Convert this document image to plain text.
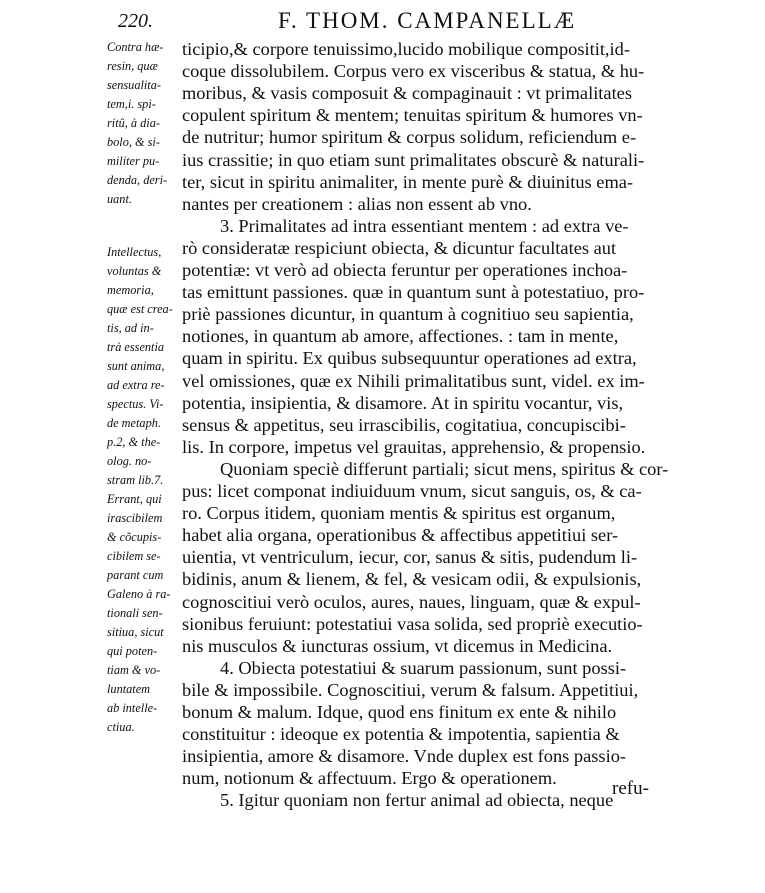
220.	F. THOM. CAMPANELLÆ
Contra hæ-
resin, quæ
sensualita-
tem,i. spi-
ritû, à dia-
bolo, & si-
militer pu-
denda, deri-
uant.
Intellectus,
voluntas &
memoria,
quæ est crea-
tis, ad in-
trà essentia
sunt anima,
ad extra re-
spectus. Vi-
de metaph.
p.2, & the-
olog. no-
stram lib.7.
Errant, qui
irascibilem
& cõcupis-
cibilem se-
parant cum
Galeno à ra-
tionali sen-
sitiua, sicut
qui poten-
tiam & vo-
luntatem
ab intelle-
ctiua.
ticipio,& corpore tenuissimo,lucido mobilique compositit,id-
coque dissolubilem. Corpus vero ex visceribus & statua, & hu-
moribus, & vasis composuit & compaginauit : vt primalitates
copulent spiritum & mentem; tenuitas spiritum & humores vn-
de nutritur; humor spiritum & corpus solidum, reficiendum e-
ius crassitie; in quo etiam sunt primalitates obscurè & naturali-
ter, sicut in spiritu animaliter, in mente purè & diuinitus ema-
nantes per creationem : alias non essent ab vno.
3. Primalitates ad intra essentiant mentem : ad extra ve-
rò consideratæ respiciunt obiecta, & dicuntur facultates aut
potentiæ: vt verò ad obiecta feruntur per operationes inchoa-
tas emittunt passiones. quæ in quantum sunt à potestatiuo, pro-
priè passiones dicuntur, in quantum à cognitiuo seu sapientia,
notiones, in quantum ab amore, affectiones. : tam in mente,
quam in spiritu. Ex quibus subsequuntur operationes ad extra,
vel omissiones, quæ ex Nihili primalitatibus sunt, videl. ex im-
potentia, insipientia, & disamore. At in spiritu vocantur, vis,
sensus & appetitus, seu irrascibilis, cogitatiua, concupiscibi-
lis. In corpore, impetus vel grauitas, apprehensio, & propensio.
Quoniam speciè differunt partiali; sicut mens, spiritus & cor-
pus: licet componat indiuiduum vnum, sicut sanguis, os, & ca-
ro. Corpus itidem, quoniam mentis & spiritus est organum,
habet alia organa, operationibus & affectibus appetitiui ser-
uientia, vt ventriculum, iecur, cor, sanus & sitis, pudendum li-
bidinis, anum & lienem, & fel, & vesicam odii, & expulsionis,
cognoscitiui verò oculos, aures, naues, linguam, quæ & expul-
sionibus feruiunt: potestatiui vasa solida, sed propriè executio-
nis musculos & iuncturas ossium, vt dicemus in Medicina.
4. Obiecta potestatiui & suarum passionum, sunt possi-
bile & impossibile. Cognoscitiui, verum & falsum. Appetitiui,
bonum & malum. Idque, quod ens finitum ex ente & nihilo
constituitur : ideoque ex potentia & impotentia, sapientia &
insipientia, amore & disamore. Vnde duplex est fons passio-
num, notionum & affectuum. Ergo & operationem.
5. Igitur quoniam non fertur animal ad obiecta, neque
refu-
